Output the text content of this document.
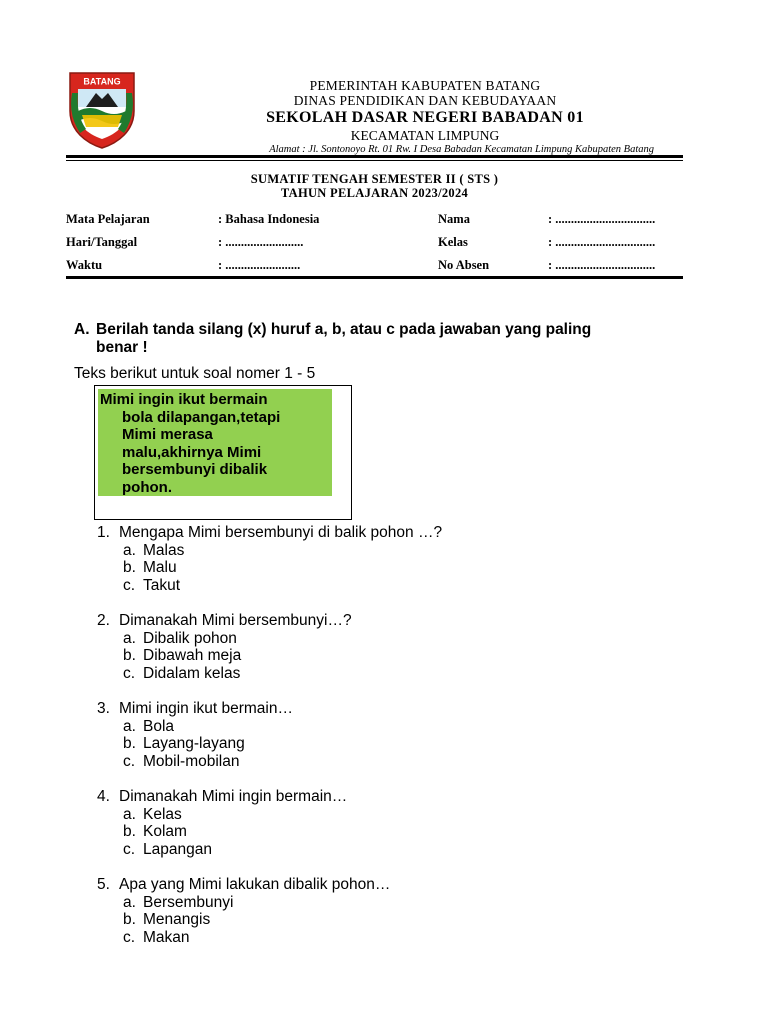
BATANG	PEMERINTAH KABUPATEN BATANG
DINAS PENDIDIKAN DAN KEBUDAYAAN
SEKOLAH DASAR NEGERI BABADAN 01
KECAMATAN LIMPUNG
Alamat : Jl. Sontonoyo Rt. 01 Rw. I Desa Babadan Kecamatan Limpung Kabupaten Batang
SUMATIF TENGAH SEMESTER II ( STS )
TAHUN PELAJARAN 2023/2024
Mata Pelajaran	: Bahasa Indonesia	Nama	: ................................
Hari/Tanggal	: .........................	Kelas	: ................................
Waktu	: ........................	No Absen	: ................................
A. Berilah tanda silang (x) huruf a, b, atau c pada jawaban yang paling
benar !
Teks berikut untuk soal nomer 1 - 5
Mimi ingin ikut bermain
bola dilapangan,tetapi
Mimi merasa
malu,akhirnya Mimi
bersembunyi dibalik
pohon.
1. Mengapa Mimi bersembunyi di balik pohon …?
a. Malas
b. Malu
c. Takut
2. Dimanakah Mimi bersembunyi…?
a. Dibalik pohon
b. Dibawah meja
c. Didalam kelas
3. Mimi ingin ikut bermain…
a. Bola
b. Layang-layang
c. Mobil-mobilan
4. Dimanakah Mimi ingin bermain…
a. Kelas
b. Kolam
c. Lapangan
5. Apa yang Mimi lakukan dibalik pohon…
a. Bersembunyi
b. Menangis
c. Makan
